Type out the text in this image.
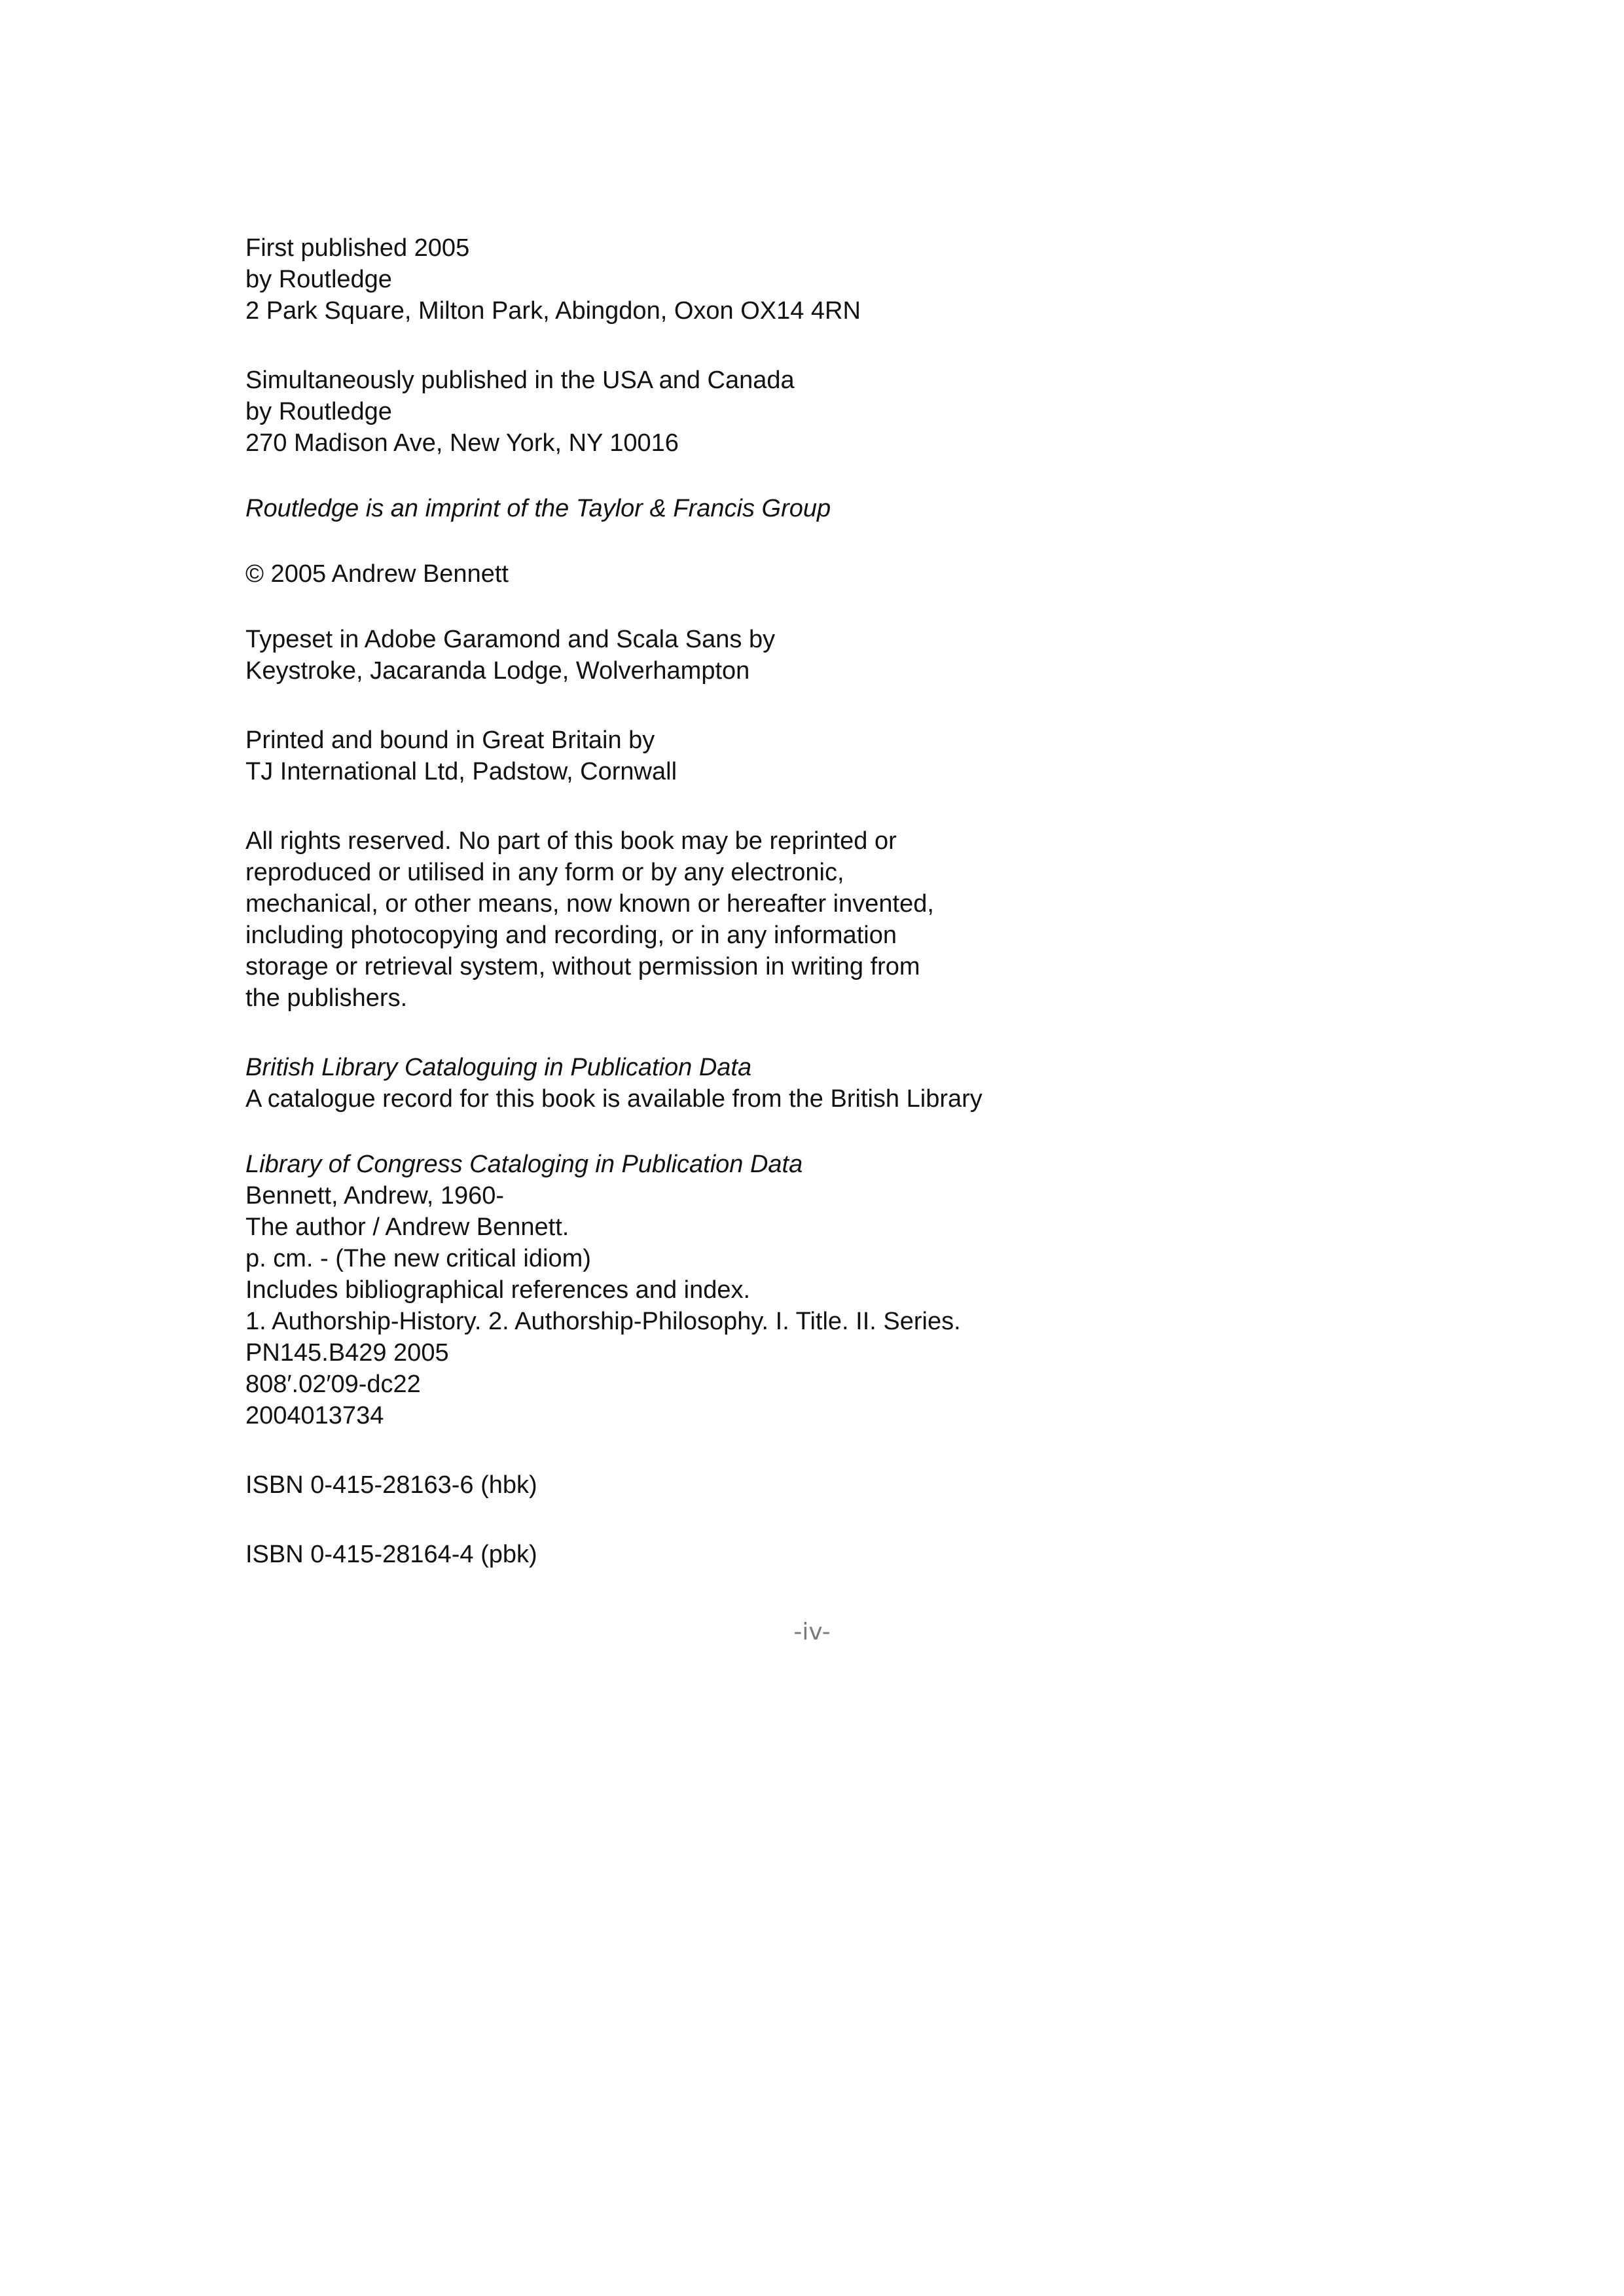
First published 2005
by Routledge
2 Park Square, Milton Park, Abingdon, Oxon OX14 4RN
Simultaneously published in the USA and Canada
by Routledge
270 Madison Ave, New York, NY 10016
Routledge is an imprint of the Taylor & Francis Group
© 2005 Andrew Bennett
Typeset in Adobe Garamond and Scala Sans by
Keystroke, Jacaranda Lodge, Wolverhampton
Printed and bound in Great Britain by
TJ International Ltd, Padstow, Cornwall
All rights reserved. No part of this book may be reprinted or
reproduced or utilised in any form or by any electronic,
mechanical, or other means, now known or hereafter invented,
including photocopying and recording, or in any information
storage or retrieval system, without permission in writing from
the publishers.
British Library Cataloguing in Publication Data
A catalogue record for this book is available from the British Library
Library of Congress Cataloging in Publication Data
Bennett, Andrew, 1960-
The author / Andrew Bennett.
p. cm. - (The new critical idiom)
Includes bibliographical references and index.
1. Authorship-History. 2. Authorship-Philosophy. I. Title. II. Series.
PN145.B429 2005
808′.02′09-dc22
2004013734
ISBN 0-415-28163-6 (hbk)
ISBN 0-415-28164-4 (pbk)
-iv-
